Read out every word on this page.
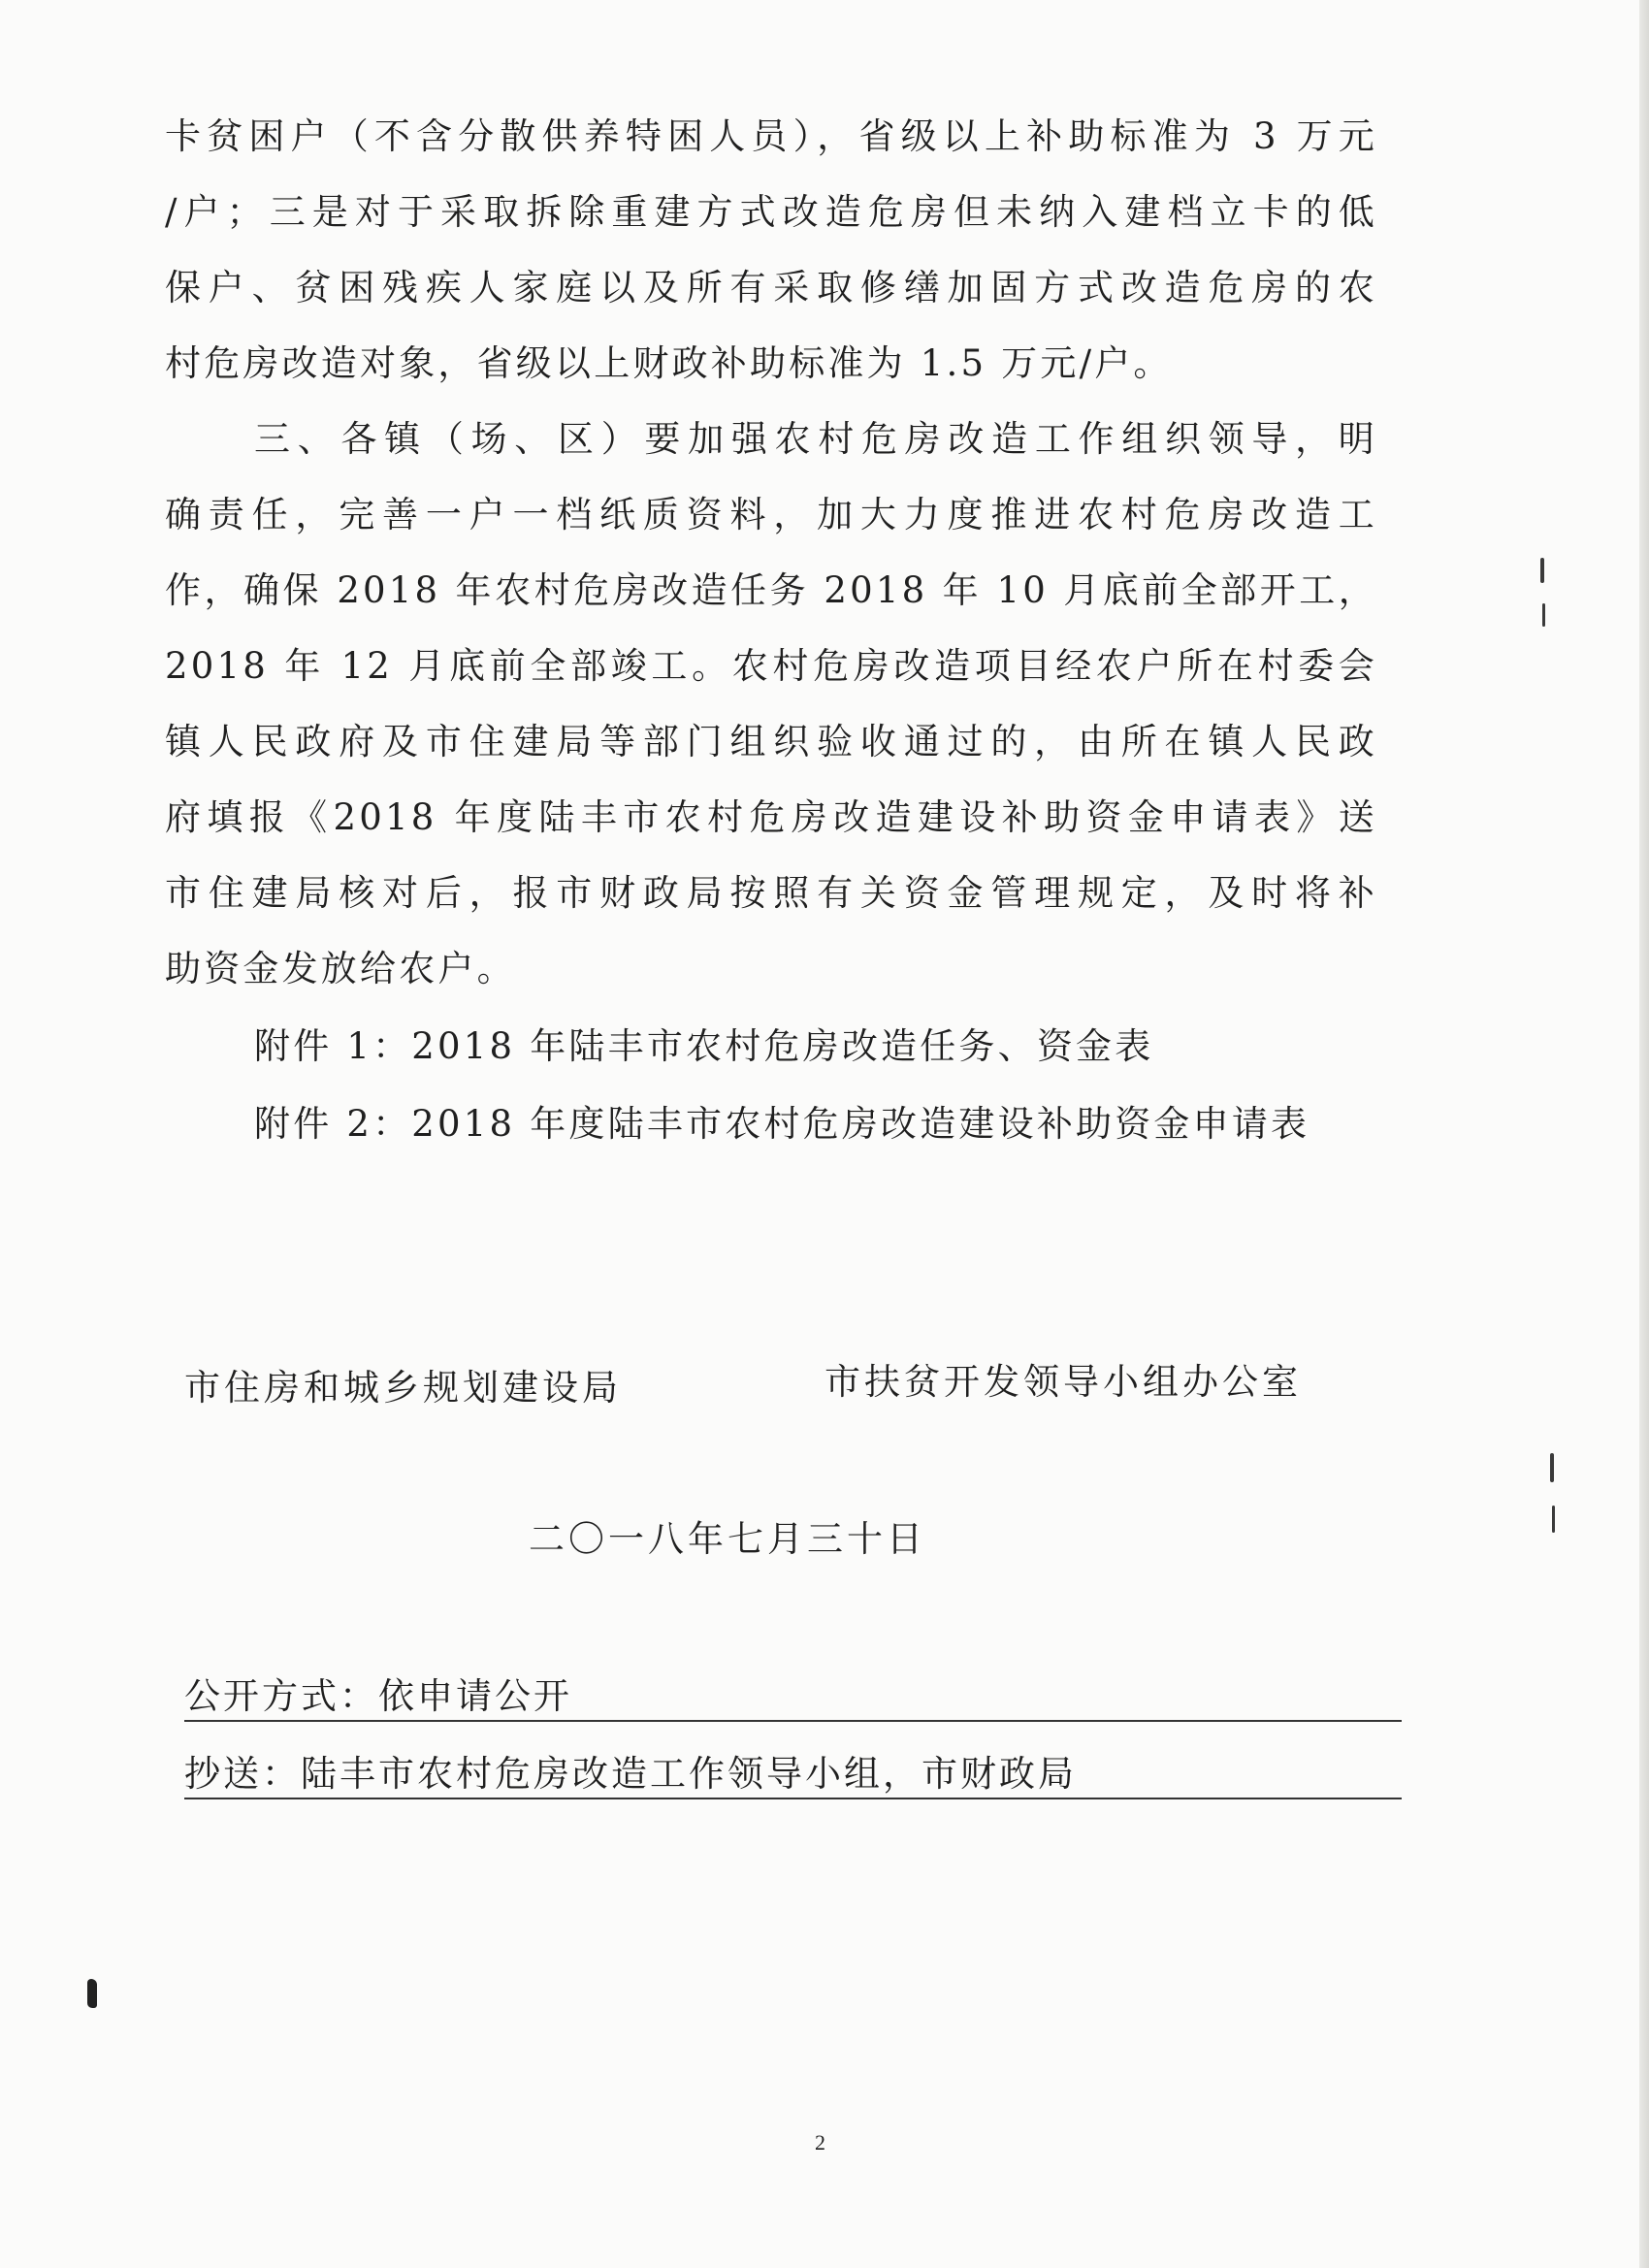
卡贫困户（不含分散供养特困人员），省级以上补助标准为 3 万元
/户；三是对于采取拆除重建方式改造危房但未纳入建档立卡的低
保户、贫困残疾人家庭以及所有采取修缮加固方式改造危房的农
村危房改造对象，省级以上财政补助标准为 1.5 万元/户。
三、各镇（场、区）要加强农村危房改造工作组织领导，明
确责任，完善一户一档纸质资料，加大力度推进农村危房改造工
作，确保 2018 年农村危房改造任务 2018 年 10 月底前全部开工，
2018 年 12 月底前全部竣工。农村危房改造项目经农户所在村委会
镇人民政府及市住建局等部门组织验收通过的，由所在镇人民政
府填报《2018 年度陆丰市农村危房改造建设补助资金申请表》送
市住建局核对后，报市财政局按照有关资金管理规定，及时将补
助资金发放给农户。
附件 1：2018 年陆丰市农村危房改造任务、资金表
附件 2：2018 年度陆丰市农村危房改造建设补助资金申请表
市住房和城乡规划建设局	市扶贫开发领导小组办公室
二〇一八年七月三十日
公开方式：依申请公开
抄送：陆丰市农村危房改造工作领导小组，市财政局
2
